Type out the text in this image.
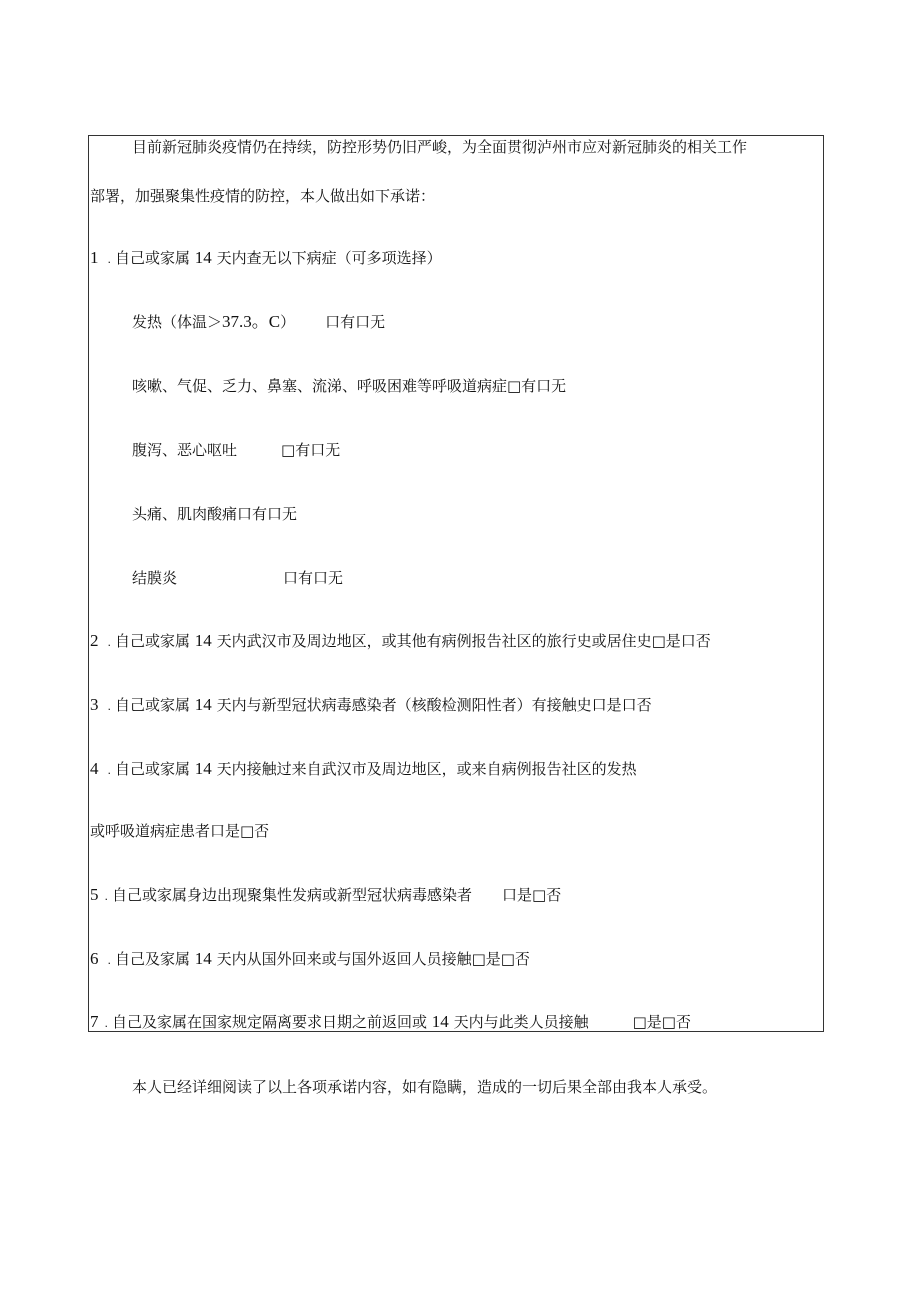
目前新冠肺炎疫情仍在持续，防控形势仍旧严峻，为全面贯彻泸州市应对新冠肺炎的相关工作
部署，加强聚集性疫情的防控，本人做出如下承诺：
1 . 自己或家属 14 天内查无以下病症（可多项选择）
发热（体温＞37.3。C） 口有口无
咳嗽、气促、乏力、鼻塞、流涕、呼吸困难等呼吸道病症□有口无
腹泻、恶心呕吐	□有口无
头痛、肌肉酸痛口有口无
结膜炎	口有口无
2 . 自己或家属 14 天内武汉市及周边地区，或其他有病例报告社区的旅行史或居住史□是口否
3 . 自己或家属 14 天内与新型冠状病毒感染者（核酸检测阳性者）有接触史口是口否
4 . 自己或家属 14 天内接触过来自武汉市及周边地区，或来自病例报告社区的发热
或呼吸道病症患者口是□否
5 . 自己或家属身边出现聚集性发病或新型冠状病毒感染者 口是□否
6 . 自己及家属 14 天内从国外回来或与国外返回人员接触□是□否
7 . 自己及家属在国家规定隔离要求日期之前返回或 14 天内与此类人员接触	□是□否
本人已经详细阅读了以上各项承诺内容，如有隐瞒，造成的一切后果全部由我本人承受。
